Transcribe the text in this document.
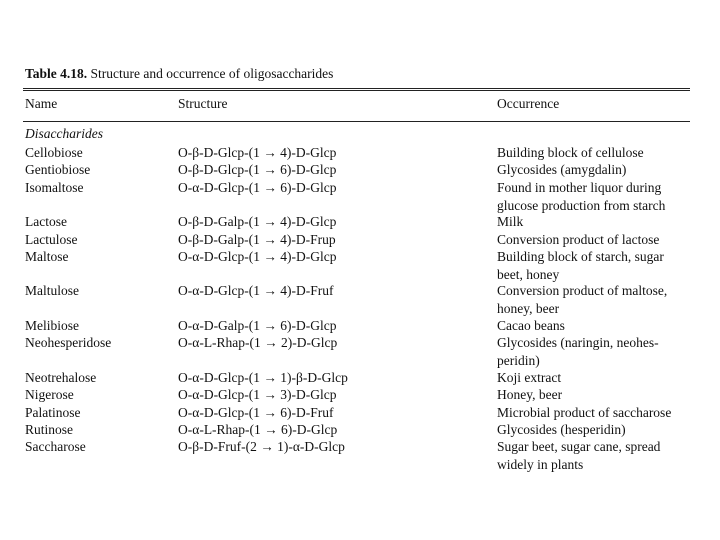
Table 4.18. Structure and occurrence of oligosaccharides
Name	Structure	Occurrence
Disaccharides
Cellobiose	O-β-D-Glcp-(1 → 4)-D-Glcp	Building block of cellulose
Gentiobiose	O-β-D-Glcp-(1 → 6)-D-Glcp	Glycosides (amygdalin)
Isomaltose	O-α-D-Glcp-(1 → 6)-D-Glcp	Found in mother liquor during
glucose production from starch
Lactose	O-β-D-Galp-(1 → 4)-D-Glcp	Milk
Lactulose	O-β-D-Galp-(1 → 4)-D-Frup	Conversion product of lactose
Maltose	O-α-D-Glcp-(1 → 4)-D-Glcp	Building block of starch, sugar
beet, honey
Maltulose	O-α-D-Glcp-(1 → 4)-D-Fruf	Conversion product of maltose,
honey, beer
Melibiose	O-α-D-Galp-(1 → 6)-D-Glcp	Cacao beans
Neohesperidose	O-α-L-Rhap-(1 → 2)-D-Glcp	Glycosides (naringin, neohes-
peridin)
Neotrehalose	O-α-D-Glcp-(1 → 1)-β-D-Glcp	Koji extract
Nigerose	O-α-D-Glcp-(1 → 3)-D-Glcp	Honey, beer
Palatinose	O-α-D-Glcp-(1 → 6)-D-Fruf	Microbial product of saccharose
Rutinose	O-α-L-Rhap-(1 → 6)-D-Glcp	Glycosides (hesperidin)
Saccharose	O-β-D-Fruf-(2 → 1)-α-D-Glcp	Sugar beet, sugar cane, spread
widely in plants
